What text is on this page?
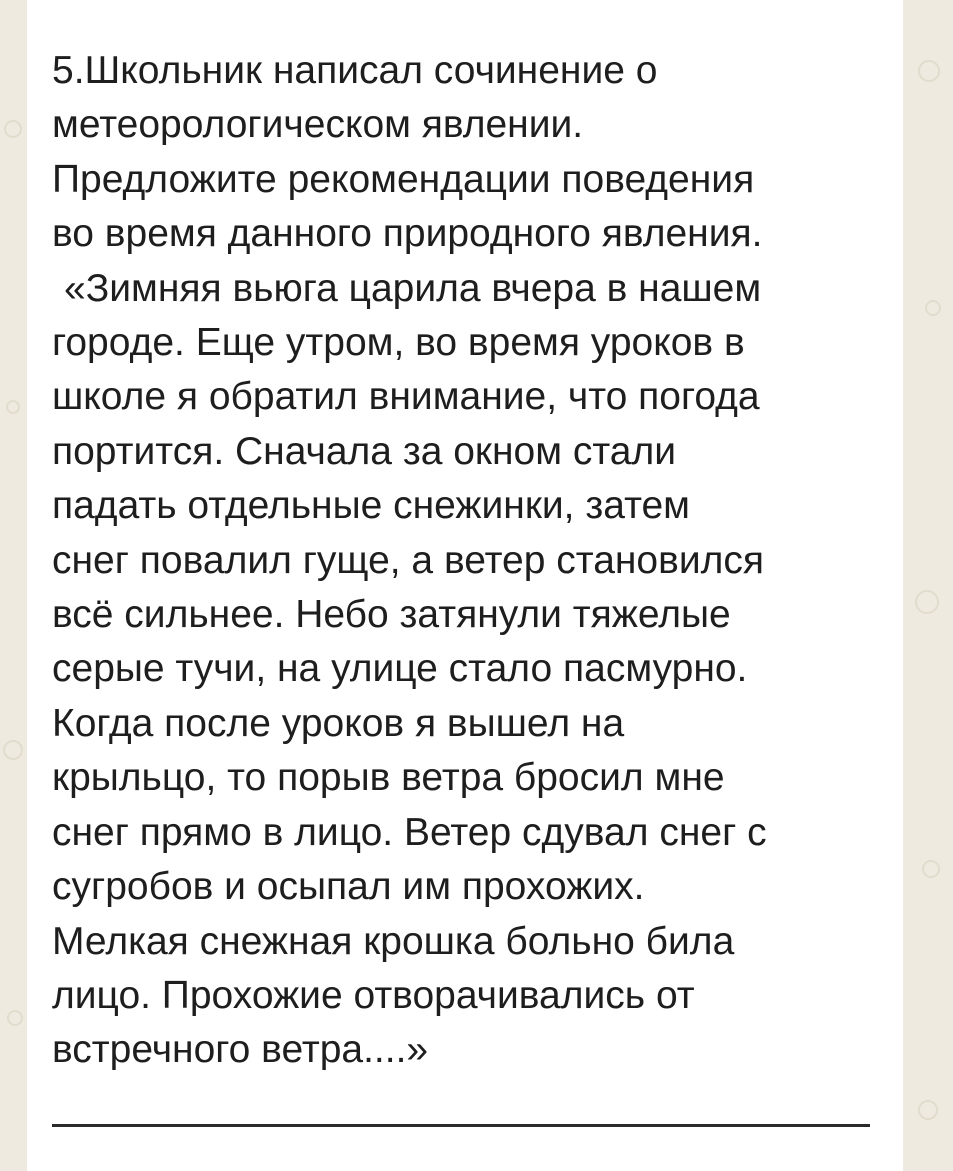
5.Школьник написал сочинение о
метеорологическом явлении.
Предложите рекомендации поведения
во время данного природного явления.
«Зимняя вьюга царила вчера в нашем
городе. Еще утром, во время уроков в
школе я обратил внимание, что погода
портится. Сначала за окном стали
падать отдельные снежинки, затем
снег повалил гуще, а ветер становился
всё сильнее. Небо затянули тяжелые
серые тучи, на улице стало пасмурно.
Когда после уроков я вышел на
крыльцо, то порыв ветра бросил мне
снег прямо в лицо. Ветер сдувал снег с
сугробов и осыпал им прохожих.
Мелкая снежная крошка больно била
лицо. Прохожие отворачивались от
встречного ветра....»
